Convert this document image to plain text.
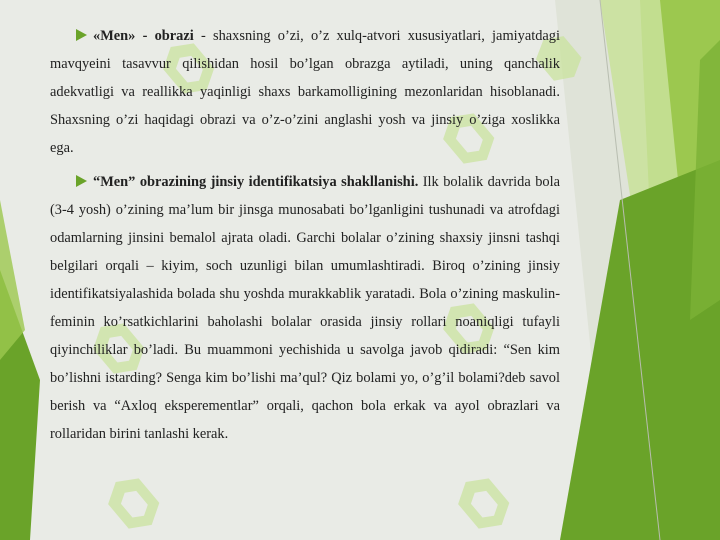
«Men» - obrazi - shaxsning o’zi, o’z xulq-atvori xususiyatlari, jamiyatdagi mavqyeini tasavvur qilishidan hosil bo’lgan obrazga aytiladi, uning qanchalik adekvatligi va reallikka yaqinligi shaxs barkamolligining mezonlaridan hisoblanadi. Shaxsning o’zi haqidagi obrazi va o’z-o’zini anglashi yosh va jinsiy o’ziga xoslikka ega.

“Men” obrazining jinsiy identifikatsiya shakllanishi. Ilk bolalik davrida bola (3-4 yosh) o’zining ma’lum bir jinsga munosabati bo’lganligini tushunadi va atrofdagi odamlarning jinsini bemalol ajrata oladi. Garchi bolalar o’zining shaxsiy jinsni tashqi belgilari orqali – kiyim, soch uzunligi bilan umumlashtiradi. Biroq o’zining jinsiy identifikatsiyalashida bolada shu yoshda murakkablik yaratadi. Bola o’zining maskulin-feminin ko’rsatkichlarini baholashi bolalar orasida jinsiy rollari noaniqligi tufayli qiyinchiliklar bo’ladi. Bu muammoni yechishida u savolga javob qidiradi: “Sen kim bo’lishni istarding? Senga kim bo’lishi ma’qul? Qiz bolami yo, o’g’il bolami?deb savol berish va “Axloq eksperementlar” orqali, qachon bola erkak va ayol obrazlari va rollaridan birini tanlashi kerak.
